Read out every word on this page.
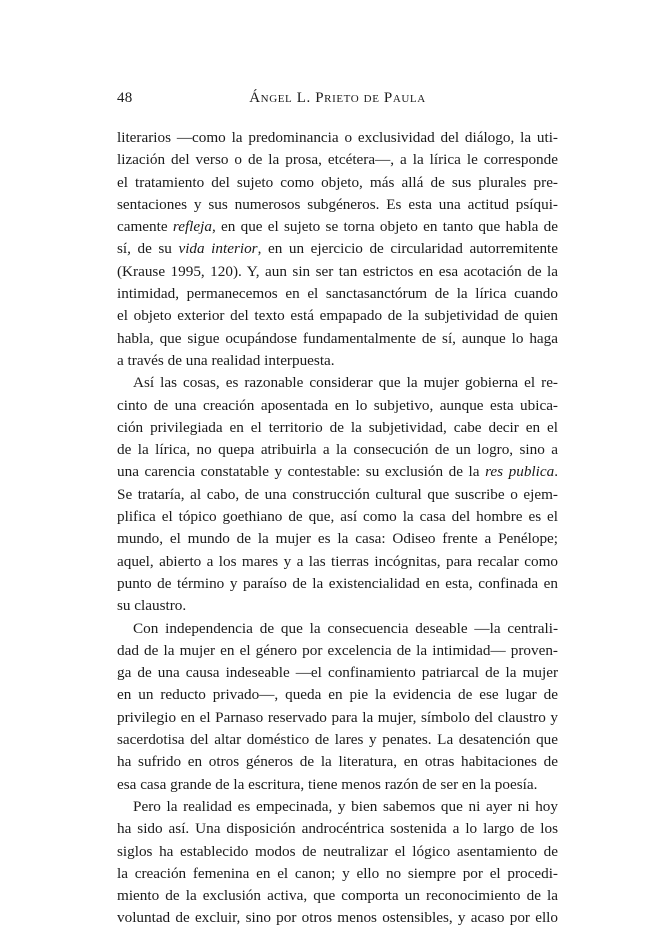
48	Ángel L. Prieto de Paula
literarios —como la predominancia o exclusividad del diálogo, la uti-
lización del verso o de la prosa, etcétera—, a la lírica le corresponde
el tratamiento del sujeto como objeto, más allá de sus plurales pre-
sentaciones y sus numerosos subgéneros. Es esta una actitud psíqui-
camente refleja, en que el sujeto se torna objeto en tanto que habla de
sí, de su vida interior, en un ejercicio de circularidad autorremitente
(Krause 1995, 120). Y, aun sin ser tan estrictos en esa acotación de la
intimidad, permanecemos en el sanctasanctórum de la lírica cuando
el objeto exterior del texto está empapado de la subjetividad de quien
habla, que sigue ocupándose fundamentalmente de sí, aunque lo haga
a través de una realidad interpuesta.
Así las cosas, es razonable considerar que la mujer gobierna el re-
cinto de una creación aposentada en lo subjetivo, aunque esta ubica-
ción privilegiada en el territorio de la subjetividad, cabe decir en el
de la lírica, no quepa atribuirla a la consecución de un logro, sino a
una carencia constatable y contestable: su exclusión de la res publica.
Se trataría, al cabo, de una construcción cultural que suscribe o ejem-
plifica el tópico goethiano de que, así como la casa del hombre es el
mundo, el mundo de la mujer es la casa: Odiseo frente a Penélope;
aquel, abierto a los mares y a las tierras incógnitas, para recalar como
punto de término y paraíso de la existencialidad en esta, confinada en
su claustro.
Con independencia de que la consecuencia deseable —la centrali-
dad de la mujer en el género por excelencia de la intimidad— proven-
ga de una causa indeseable —el confinamiento patriarcal de la mujer
en un reducto privado—, queda en pie la evidencia de ese lugar de
privilegio en el Parnaso reservado para la mujer, símbolo del claustro y
sacerdotisa del altar doméstico de lares y penates. La desatención que
ha sufrido en otros géneros de la literatura, en otras habitaciones de
esa casa grande de la escritura, tiene menos razón de ser en la poesía.
Pero la realidad es empecinada, y bien sabemos que ni ayer ni hoy
ha sido así. Una disposición androcéntrica sostenida a lo largo de los
siglos ha establecido modos de neutralizar el lógico asentamiento de
la creación femenina en el canon; y ello no siempre por el procedi-
miento de la exclusión activa, que comporta un reconocimiento de la
voluntad de excluir, sino por otros menos ostensibles, y acaso por ello
